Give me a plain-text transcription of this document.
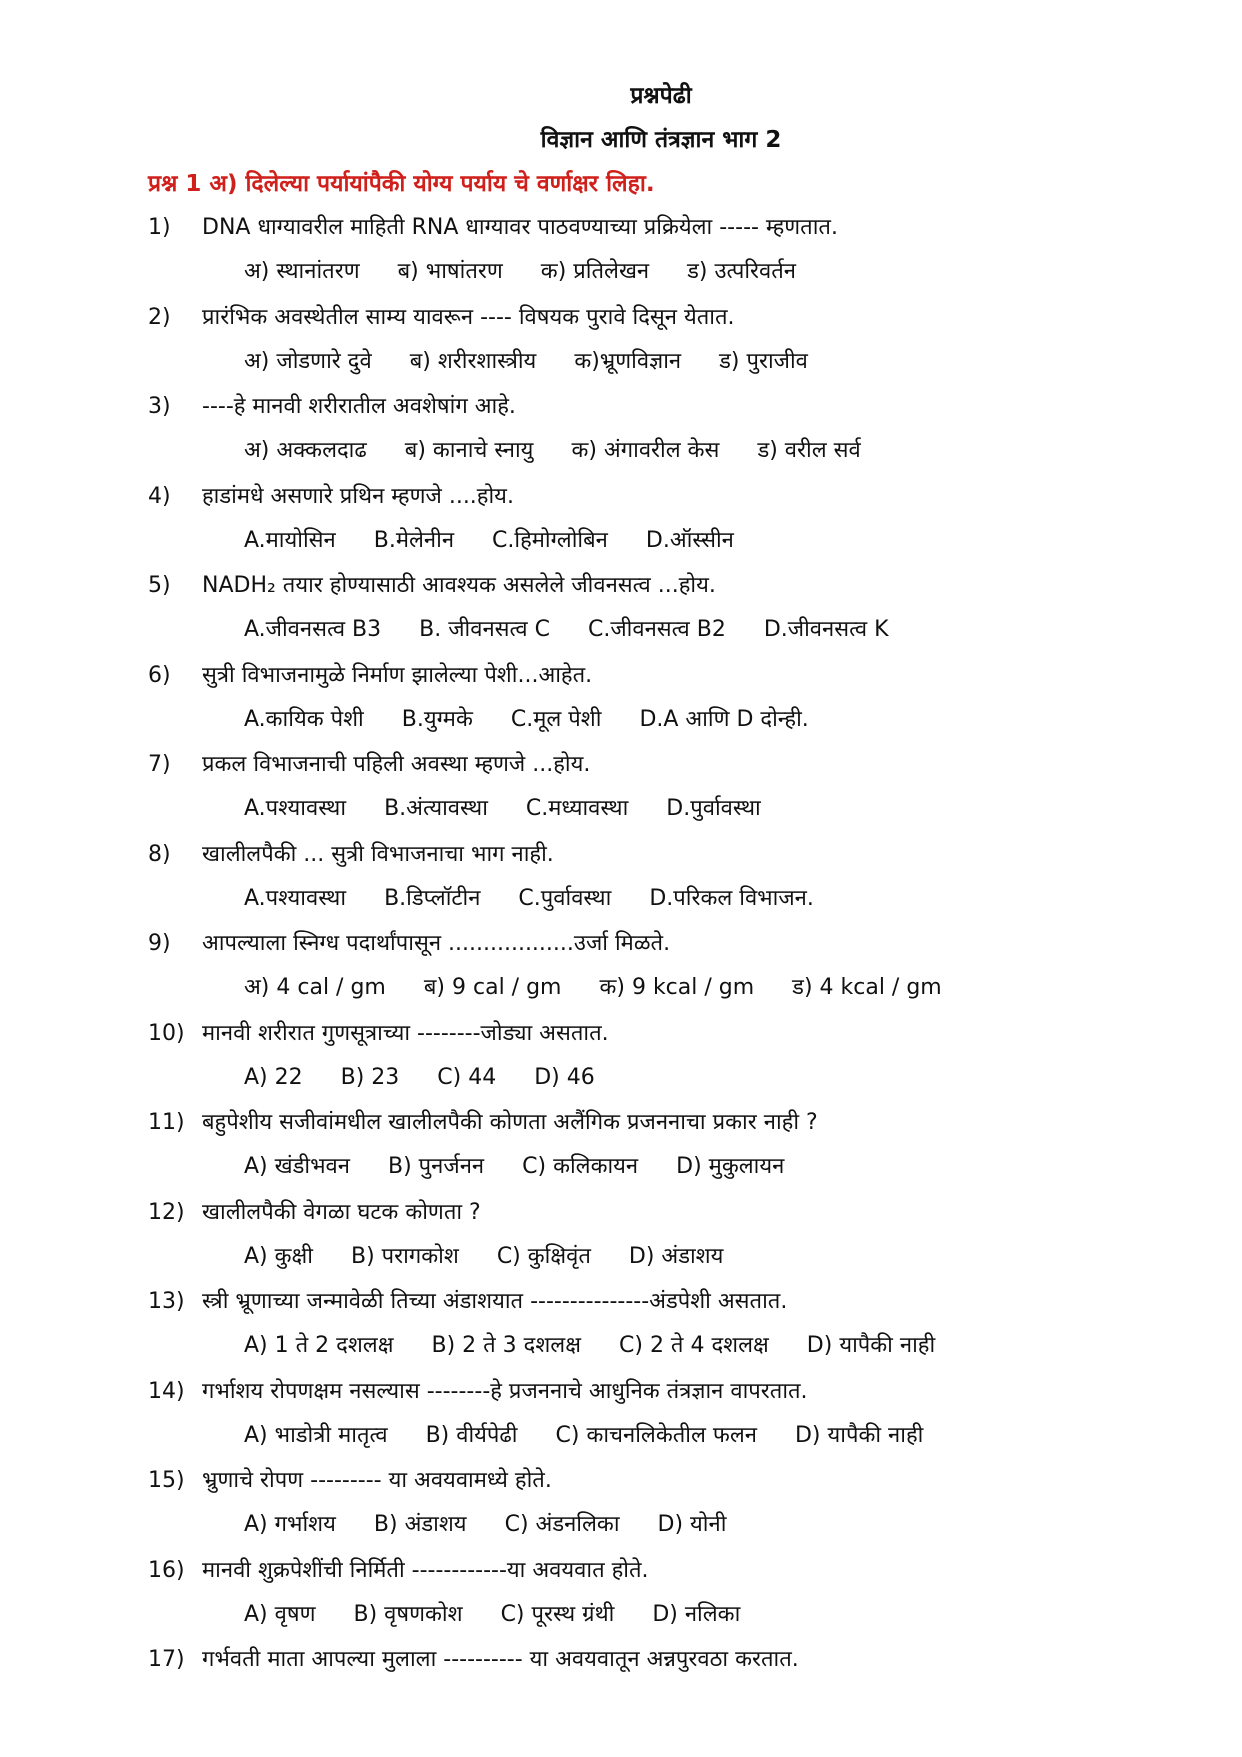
प्रश्नपेढी
विज्ञान आणि तंत्रज्ञान भाग 2
प्रश्न 1 अ) दिलेल्या पर्यायांपैकी योग्य पर्याय चे वर्णाक्षर लिहा.
1) DNA धाग्यावरील माहिती RNA धाग्यावर पाठवण्याच्या प्रक्रियेला ----- म्हणतात.
अ) स्थानांतरण ब) भाषांतरण क) प्रतिलेखन ड) उत्परिवर्तन
2) प्रारंभिक अवस्थेतील साम्य यावरून ---- विषयक पुरावे दिसून येतात.
अ) जोडणारे दुवे ब) शरीरशास्त्रीय क)भ्रूणविज्ञान ड) पुराजीव
3) ----हे मानवी शरीरातील अवशेषांग आहे.
अ) अक्कलदाढ ब) कानाचे स्नायु क) अंगावरील केस ड) वरील सर्व
4) हाडांमधे असणारे प्रथिन म्हणजे ....होय.
A.मायोसिन B.मेलेनीन C.हिमोग्लोबिन D.ऑस्सीन
5) NADH₂ तयार होण्यासाठी आवश्यक असलेले जीवनसत्व ...होय.
A.जीवनसत्व B3 B. जीवनसत्व C C.जीवनसत्व B2 D.जीवनसत्व K
6) सुत्री विभाजनामुळे निर्माण झालेल्या पेशी...आहेत.
A.कायिक पेशी B.युग्मके C.मूल पेशी D.A आणि D दोन्ही.
7) प्रकल विभाजनाची पहिली अवस्था म्हणजे ...होय.
A.पश्यावस्था B.अंत्यावस्था C.मध्यावस्था D.पुर्वावस्था
8) खालीलपैकी ... सुत्री विभाजनाचा भाग नाही.
A.पश्यावस्था B.डिप्लॉटीन C.पुर्वावस्था D.परिकल विभाजन.
9) आपल्याला स्निग्ध पदार्थांपासून ..................उर्जा मिळते.
अ) 4 cal / gm ब) 9 cal / gm क) 9 kcal / gm ड) 4 kcal / gm
10) मानवी शरीरात गुणसूत्राच्या --------जोड्या असतात.
A) 22 B) 23 C) 44 D) 46
11) बहुपेशीय सजीवांमधील खालीलपैकी कोणता अलैंगिक प्रजननाचा प्रकार नाही ?
A) खंडीभवन B) पुनर्जनन C) कलिकायन D) मुकुलायन
12) खालीलपैकी वेगळा घटक कोणता ?
A) कुक्षी B) परागकोश C) कुक्षिवृंत D) अंडाशय
13) स्त्री भ्रूणाच्या जन्मावेळी तिच्या अंडाशयात ---------------अंडपेशी असतात.
A) 1 ते 2 दशलक्ष B) 2 ते 3 दशलक्ष C) 2 ते 4 दशलक्ष D) यापैकी नाही
14) गर्भाशय रोपणक्षम नसल्यास --------हे प्रजननाचे आधुनिक तंत्रज्ञान वापरतात.
A) भाडोत्री मातृत्व B) वीर्यपेढी C) काचनलिकेतील फलन D) यापैकी नाही
15) भ्रुणाचे रोपण --------- या अवयवामध्ये होते.
A) गर्भाशय B) अंडाशय C) अंडनलिका D) योनी
16) मानवी शुक्रपेशींची निर्मिती ------------या अवयवात होते.
A) वृषण B) वृषणकोश C) पूरस्थ ग्रंथी D) नलिका
17) गर्भवती माता आपल्या मुलाला ---------- या अवयवातून अन्नपुरवठा करतात.
